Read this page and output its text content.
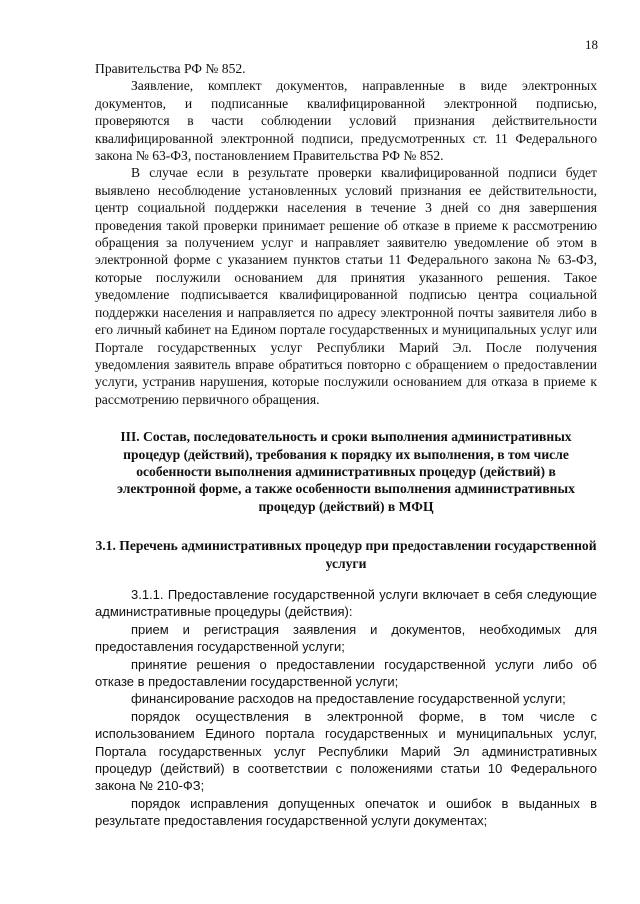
18

Правительства РФ № 852.

Заявление, комплект документов, направленные в виде электронных документов, и подписанные квалифицированной электронной подписью, проверяются в части соблюдении условий признания действительности квалифицированной электронной подписи, предусмотренных ст. 11 Федерального закона № 63-ФЗ, постановлением Правительства РФ № 852.

В случае если в результате проверки квалифицированной подписи будет выявлено несоблюдение установленных условий признания ее действительности, центр социальной поддержки населения в течение 3 дней со дня завершения проведения такой проверки принимает решение об отказе в приеме к рассмотрению обращения за получением услуг и направляет заявителю уведомление об этом в электронной форме с указанием пунктов статьи 11 Федерального закона № 63-ФЗ, которые послужили основанием для принятия указанного решения. Такое уведомление подписывается квалифицированной подписью центра социальной поддержки населения и направляется по адресу электронной почты заявителя либо в его личный кабинет на Едином портале государственных и муниципальных услуг или Портале государственных услуг Республики Марий Эл. После получения уведомления заявитель вправе обратиться повторно с обращением о предоставлении услуги, устранив нарушения, которые послужили основанием для отказа в приеме к рассмотрению первичного обращения.

III. Состав, последовательность и сроки выполнения административных процедур (действий), требования к порядку их выполнения, в том числе особенности выполнения административных процедур (действий) в электронной форме, а также особенности выполнения административных процедур (действий) в МФЦ
3.1. Перечень административных процедур при предоставлении государственной услуги

3.1.1. Предоставление государственной услуги включает в себя следующие административные процедуры (действия):

прием и регистрация заявления и документов, необходимых для предоставления государственной услуги;

принятие решения о предоставлении государственной услуги либо об отказе в предоставлении государственной услуги;

финансирование расходов на предоставление государственной услуги;

порядок осуществления в электронной форме, в том числе с использованием Единого портала государственных и муниципальных услуг, Портала государственных услуг Республики Марий Эл административных процедур (действий) в соответствии с положениями статьи 10 Федерального закона № 210-ФЗ;

порядок исправления допущенных опечаток и ошибок в выданных в результате предоставления государственной услуги документах;
